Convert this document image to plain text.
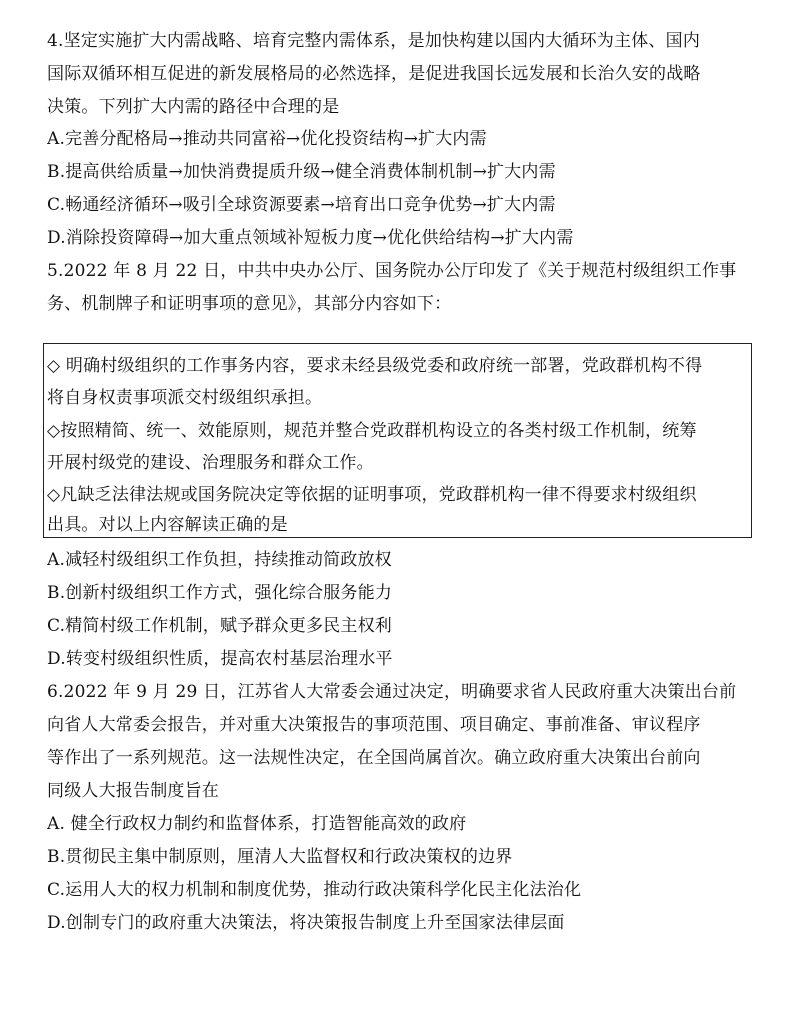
4.坚定实施扩大内需战略、培育完整内需体系，是加快构建以国内大循环为主体、国内
国际双循环相互促进的新发展格局的必然选择，是促进我国长远发展和长治久安的战略
决策。下列扩大内需的路径中合理的是
A.完善分配格局→推动共同富裕→优化投资结构→扩大内需
B.提高供给质量→加快消费提质升级→健全消费体制机制→扩大内需
C.畅通经济循环→吸引全球资源要素→培育出口竞争优势→扩大内需
D.消除投资障碍→加大重点领域补短板力度→优化供给结构→扩大内需
5.2022 年 8 月 22 日，中共中央办公厅、国务院办公厅印发了《关于规范村级组织工作事
务、机制牌子和证明事项的意见》，其部分内容如下：
◇ 明确村级组织的工作事务内容，要求未经县级党委和政府统一部署，党政群机构不得
将自身权责事项派交村级组织承担。
◇按照精简、统一、效能原则，规范并整合党政群机构设立的各类村级工作机制，统筹
开展村级党的建设、治理服务和群众工作。
◇凡缺乏法律法规或国务院决定等依据的证明事项，党政群机构一律不得要求村级组织
出具。对以上内容解读正确的是
A.减轻村级组织工作负担，持续推动简政放权
B.创新村级组织工作方式，强化综合服务能力
C.精简村级工作机制，赋予群众更多民主权利
D.转变村级组织性质，提高农村基层治理水平
6.2022 年 9 月 29 日，江苏省人大常委会通过决定，明确要求省人民政府重大决策出台前
向省人大常委会报告，并对重大决策报告的事项范围、项目确定、事前准备、审议程序
等作出了一系列规范。这一法规性决定，在全国尚属首次。确立政府重大决策出台前向
同级人大报告制度旨在
A. 健全行政权力制约和监督体系，打造智能高效的政府
B.贯彻民主集中制原则，厘清人大监督权和行政决策权的边界
C.运用人大的权力机制和制度优势，推动行政决策科学化民主化法治化
D.创制专门的政府重大决策法，将决策报告制度上升至国家法律层面
